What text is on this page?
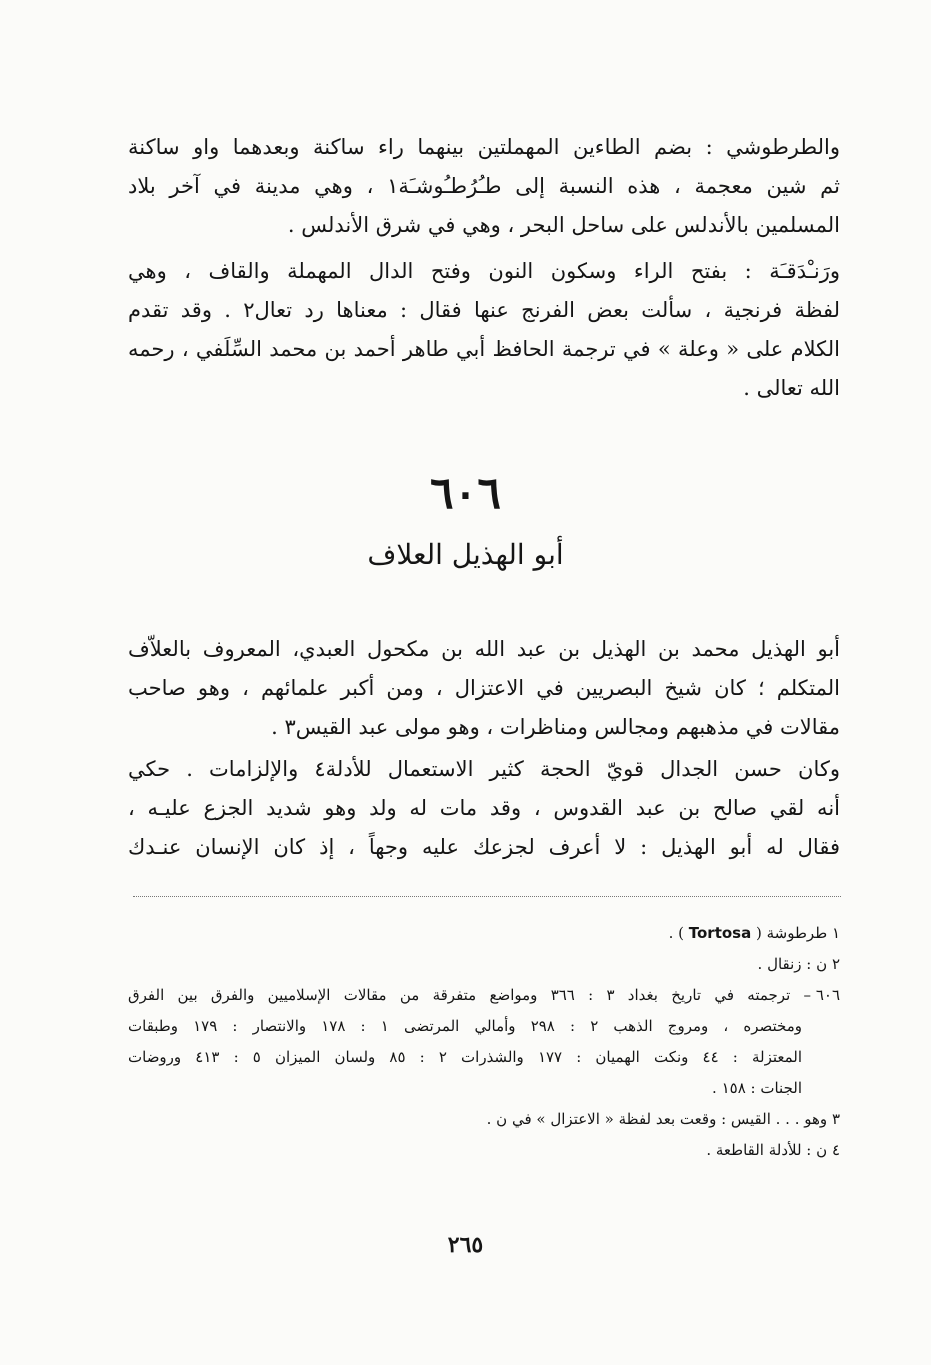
والطرطوشي : بضم الطاءين المهملتين بينهما راء ساكنة وبعدهما واو ساكنة
ثم شين معجمة ، هذه النسبة إلى طـُرُطـُوشـَة١ ، وهي مدينة في آخر بلاد
المسلمين بالأندلس على ساحل البحر ، وهي في شرق الأندلس .
ورَنـْدَقـَة : بفتح الراء وسكون النون وفتح الدال المهملة والقاف ، وهي
لفظة فرنجية ، سألت بعض الفرنج عنها فقال : معناها رد تعال٢ . وقد تقدم
الكلام على « وعلة » في ترجمة الحافظ أبي طاهر أحمد بن محمد السِّلَفي ، رحمه
الله تعالى .
٦٠٦
أبو الهذيل العلاف
أبو الهذيل محمد بن الهذيل بن عبد الله بن مكحول العبدي، المعروف بالعلاّف
المتكلم ؛ كان شيخ البصريين في الاعتزال ، ومن أكبر علمائهم ، وهو صاحب
مقالات في مذهبهم ومجالس ومناظرات ، وهو مولى عبد القيس٣ .
وكان حسن الجدال قويّ الحجة كثير الاستعمال للأدلة٤ والإلزامات . حكي
أنه لقي صالح بن عبد القدوس ، وقد مات له ولد وهو شديد الجزع عليـه ،
فقال له أبو الهذيل : لا أعرف لجزعك عليه وجهاً ، إذ كان الإنسان عنـدك
١ طرطوشة ( Tortosa ) .
٢ ن : زنقال .
٦٠٦ – ترجمته في تاريخ بغداد ٣ : ٣٦٦ ومواضع متفرقة من مقالات الإسلاميين والفرق بين الفرق
ومختصره ، ومروج الذهب ٢ : ٢٩٨ وأمالي المرتضى ١ : ١٧٨ والانتصار : ١٧٩ وطبقات
المعتزلة : ٤٤ ونكت الهميان : ١٧٧ والشذرات ٢ : ٨٥ ولسان الميزان ٥ : ٤١٣ وروضات
الجنات : ١٥٨ .
٣ وهو . . . القيس : وقعت بعد لفظة « الاعتزال » في ن .
٤ ن : للأدلة القاطعة .
٢٦٥
